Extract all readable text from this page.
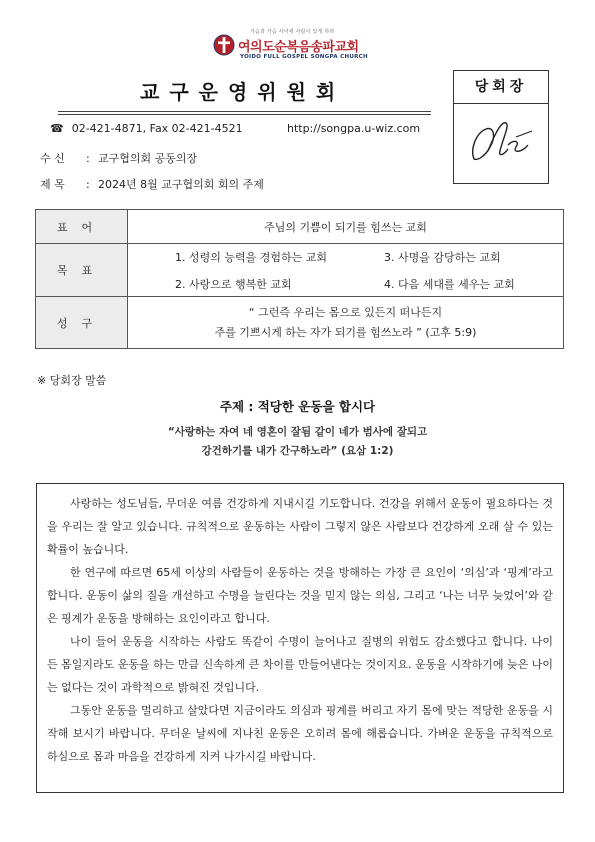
가슴과 가슴 사이에 사랑이 있게 하라
여의도순복음송파교회
YOIDO FULL GOSPEL SONGPA CHURCH
교구운영위원회	당회장
☎ 02-421-4871, Fax 02-421-4521	http://songpa.u-wiz.com
수 신 : 교구협의회 공동의장
제 목 : 2024년 8월 교구협의회 회의 주제
표어	주님의 기쁨이 되기를 힘쓰는 교회
목표	1. 성령의 능력을 경험하는 교회 3. 사명을 감당하는 교회
2. 사랑으로 행복한 교회 4. 다음 세대를 세우는 교회

성구	“ 그런즉 우리는 몸으로 있든지 떠나든지
주를 기쁘시게 하는 자가 되기를 힘쓰노라 ” (고후 5:9)
※ 당회장 말씀
주제 : 적당한 운동을 합시다
“사랑하는 자여 네 영혼이 잘됨 같이 네가 범사에 잘되고
강건하기를 내가 간구하노라” (요삼 1:2)

사랑하는 성도님들, 무더운 여름 건강하게 지내시길 기도합니다. 건강을 위해서 운동이 필요하다는 것을 우리는 잘 알고 있습니다. 규칙적으로 운동하는 사람이 그렇지 않은 사람보다 건강하게 오래 살 수 있는 확률이 높습니다.

한 연구에 따르면 65세 이상의 사람들이 운동하는 것을 방해하는 가장 큰 요인이 ‘의심’과 ‘핑계’라고 합니다. 운동이 삶의 질을 개선하고 수명을 늘린다는 것을 믿지 않는 의심, 그리고 ‘나는 너무 늦었어’와 같은 핑계가 운동을 방해하는 요인이라고 합니다.

나이 들어 운동을 시작하는 사람도 똑같이 수명이 늘어나고 질병의 위험도 감소했다고 합니다. 나이 든 몸일지라도 운동을 하는 만큼 신속하게 큰 차이를 만들어낸다는 것이지요. 운동을 시작하기에 늦은 나이는 없다는 것이 과학적으로 밝혀진 것입니다.

그동안 운동을 멀리하고 살았다면 지금이라도 의심과 핑계를 버리고 자기 몸에 맞는 적당한 운동을 시작해 보시기 바랍니다. 무더운 날씨에 지나친 운동은 오히려 몸에 해롭습니다. 가벼운 운동을 규칙적으로 하심으로 몸과 마음을 건강하게 지켜 나가시길 바랍니다.
